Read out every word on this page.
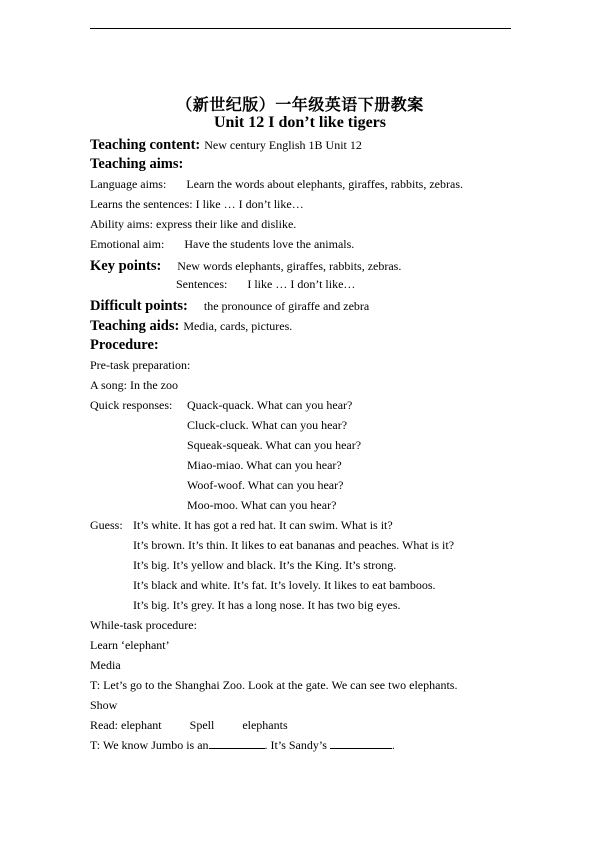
（新世纪版）一年级英语下册教案
Unit 12 I don’t like tigers
Teaching content: New century English 1B Unit 12
Teaching aims:
Language aims: Learn the words about elephants, giraffes, rabbits, zebras.
Learns the sentences: I like … I don’t like…
Ability aims: express their like and dislike.
Emotional aim: Have the students love the animals.
Key points: New words elephants, giraffes, rabbits, zebras.
Sentences: I like … I don’t like…
Difficult points: the pronounce of giraffe and zebra
Teaching aids: Media, cards, pictures.
Procedure:
Pre-task preparation:
A song: In the zoo
Quick responses: Quack-quack. What can you hear?
Cluck-cluck. What can you hear?
Squeak-squeak. What can you hear?
Miao-miao. What can you hear?
Woof-woof. What can you hear?
Moo-moo. What can you hear?
Guess: It’s white. It has got a red hat. It can swim. What is it?
It’s brown. It’s thin. It likes to eat bananas and peaches. What is it?
It’s big. It’s yellow and black. It’s the King. It’s strong.
It’s black and white. It’s fat. It’s lovely. It likes to eat bamboos.
It’s big. It’s grey. It has a long nose. It has two big eyes.
While-task procedure:
Learn ‘elephant’
Media
T: Let’s go to the Shanghai Zoo. Look at the gate. We can see two elephants.
Show
Read: elephant Spell elephants
T: We know Jumbo is an	. It’s Sandy’s	.
